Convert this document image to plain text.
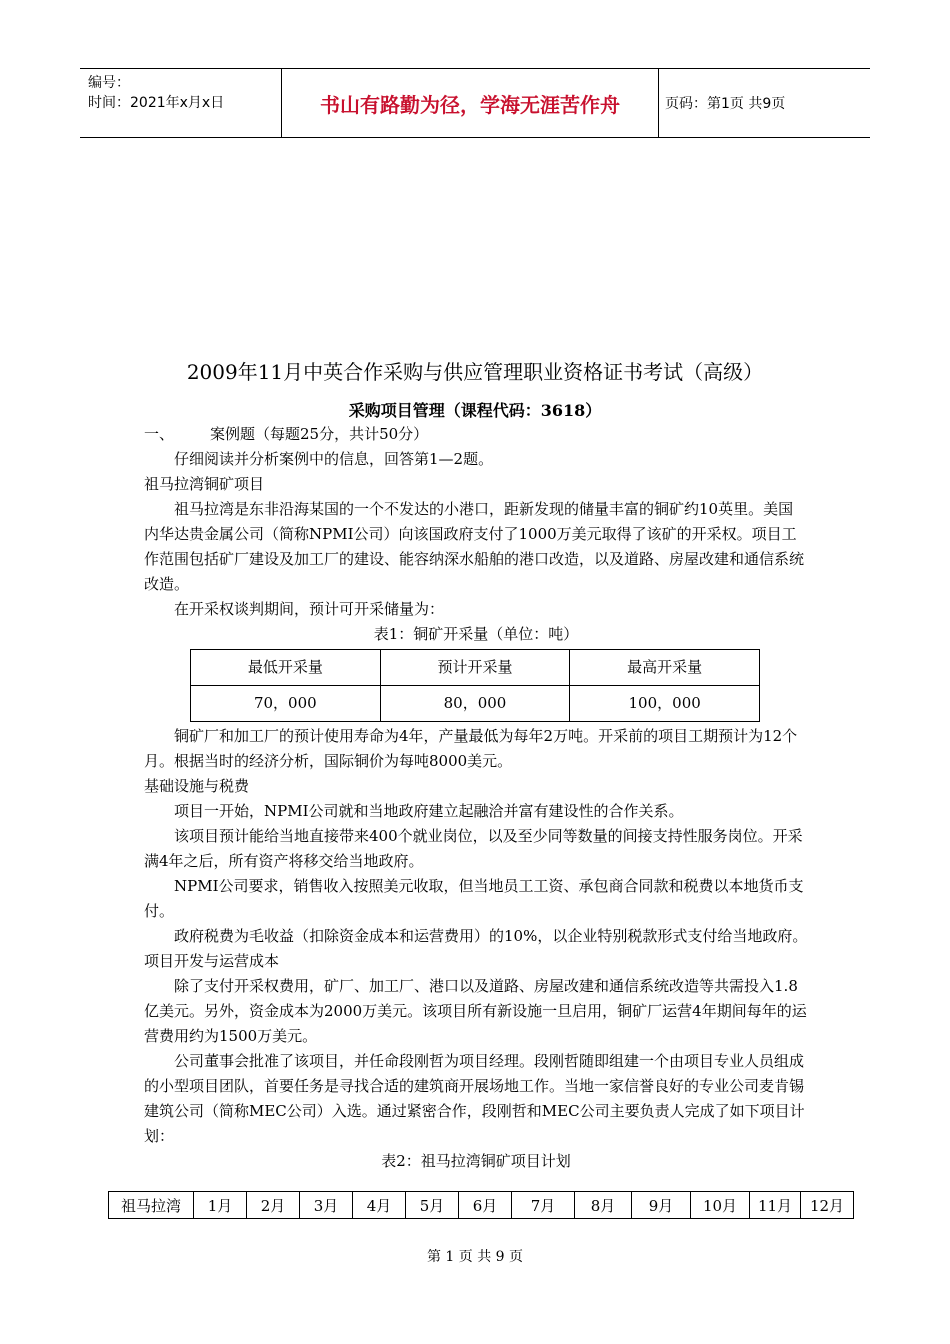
编号：
时间：2021年x月x日	书山有路勤为径，学海无涯苦作舟	页码：第1页 共9页
2009年11月中英合作采购与供应管理职业资格证书考试（高级）
采购项目管理（课程代码：3618）
一、	案例题（每题25分，共计50分）

仔细阅读并分析案例中的信息，回答第1—2题。

祖马拉湾铜矿项目

祖马拉湾是东非沿海某国的一个不发达的小港口，距新发现的储量丰富的铜矿约10英里。美国内华达贵金属公司（简称NPMI公司）向该国政府支付了1000万美元取得了该矿的开采权。项目工作范围包括矿厂建设及加工厂的建设、能容纳深水船舶的港口改造，以及道路、房屋改建和通信系统改造。

在开采权谈判期间，预计可开采储量为：

表1：铜矿开采量（单位：吨）

最低开采量	预计开采量	最高开采量
70，000	80，000	100，000

铜矿厂和加工厂的预计使用寿命为4年，产量最低为每年2万吨。开采前的项目工期预计为12个月。根据当时的经济分析，国际铜价为每吨8000美元。

基础设施与税费

项目一开始，NPMI公司就和当地政府建立起融洽并富有建设性的合作关系。

该项目预计能给当地直接带来400个就业岗位，以及至少同等数量的间接支持性服务岗位。开采满4年之后，所有资产将移交给当地政府。

NPMI公司要求，销售收入按照美元收取，但当地员工工资、承包商合同款和税费以本地货币支付。

政府税费为毛收益（扣除资金成本和运营费用）的10%，以企业特别税款形式支付给当地政府。

项目开发与运营成本

除了支付开采权费用，矿厂、加工厂、港口以及道路、房屋改建和通信系统改造等共需投入1.8亿美元。另外，资金成本为2000万美元。该项目所有新设施一旦启用，铜矿厂运营4年期间每年的运营费用约为1500万美元。

公司董事会批准了该项目，并任命段刚哲为项目经理。段刚哲随即组建一个由项目专业人员组成的小型项目团队，首要任务是寻找合适的建筑商开展场地工作。当地一家信誉良好的专业公司麦肯锡建筑公司（简称MEC公司）入选。通过紧密合作，段刚哲和MEC公司主要负责人完成了如下项目计划：

表2：祖马拉湾铜矿项目计划

祖马拉湾	1月	2月	3月	4月	5月	6月	7月	8月	9月	10月	11月	12月
第 1 页 共 9 页
